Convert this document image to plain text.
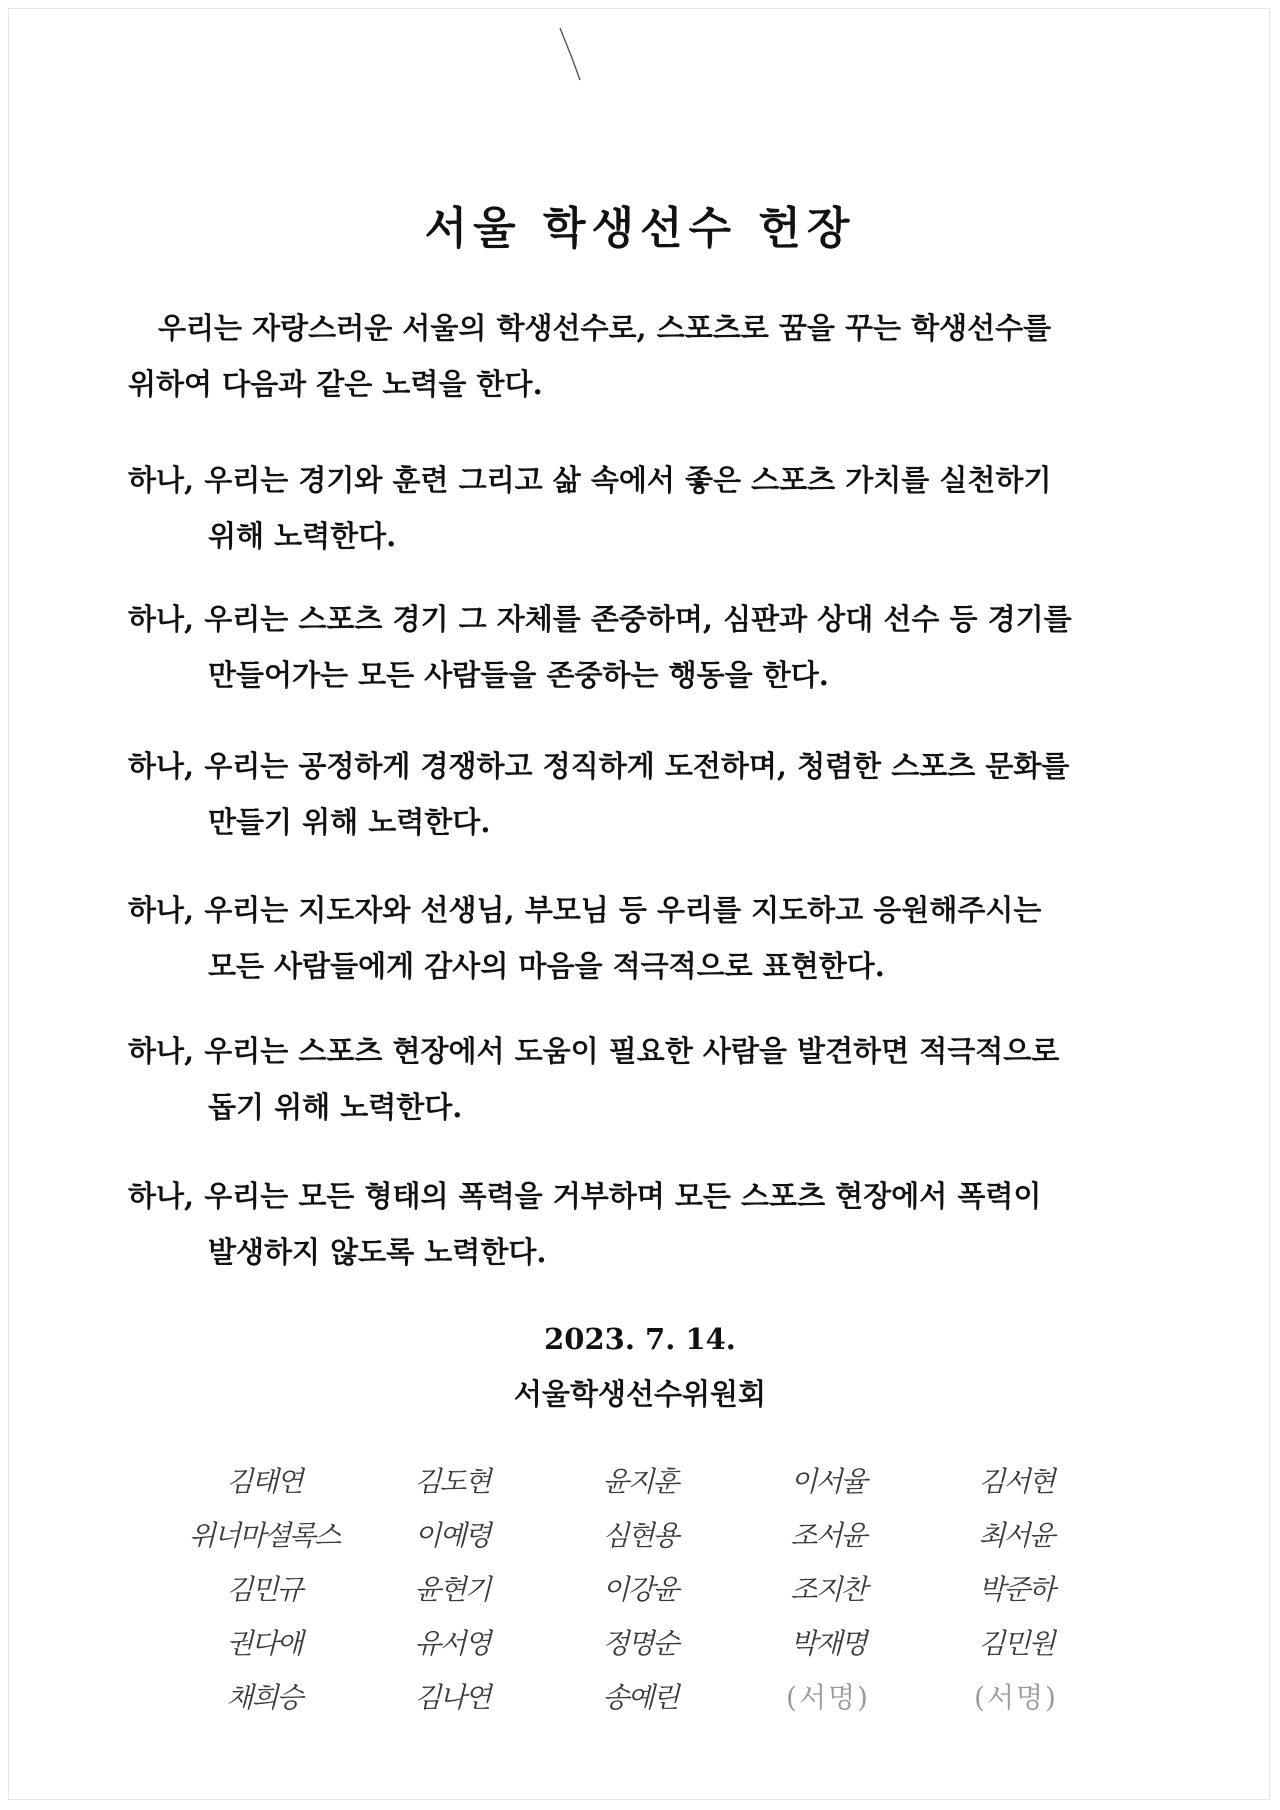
서울 학생선수 헌장
우리는 자랑스러운 서울의 학생선수로, 스포츠로 꿈을 꾸는 학생선수를
위하여 다음과 같은 노력을 한다.
하나, 우리는 경기와 훈련 그리고 삶 속에서 좋은 스포츠 가치를 실천하기
위해 노력한다.
하나, 우리는 스포츠 경기 그 자체를 존중하며, 심판과 상대 선수 등 경기를
만들어가는 모든 사람들을 존중하는 행동을 한다.
하나, 우리는 공정하게 경쟁하고 정직하게 도전하며, 청렴한 스포츠 문화를
만들기 위해 노력한다.
하나, 우리는 지도자와 선생님, 부모님 등 우리를 지도하고 응원해주시는
모든 사람들에게 감사의 마음을 적극적으로 표현한다.
하나, 우리는 스포츠 현장에서 도움이 필요한 사람을 발견하면 적극적으로
돕기 위해 노력한다.
하나, 우리는 모든 형태의 폭력을 거부하며 모든 스포츠 현장에서 폭력이
발생하지 않도록 노력한다.
2023. 7. 14.
서울학생선수위원회
김태연	김도현	윤지훈	이서율	김서현
위너마셜록스	이예령	심현용	조서윤	최서윤
김민규	윤현기	이강윤	조지찬	박준하
권다애	유서영	정명순	박재명	김민원
채희승	김나연	송예린	(서명)	(서명)
